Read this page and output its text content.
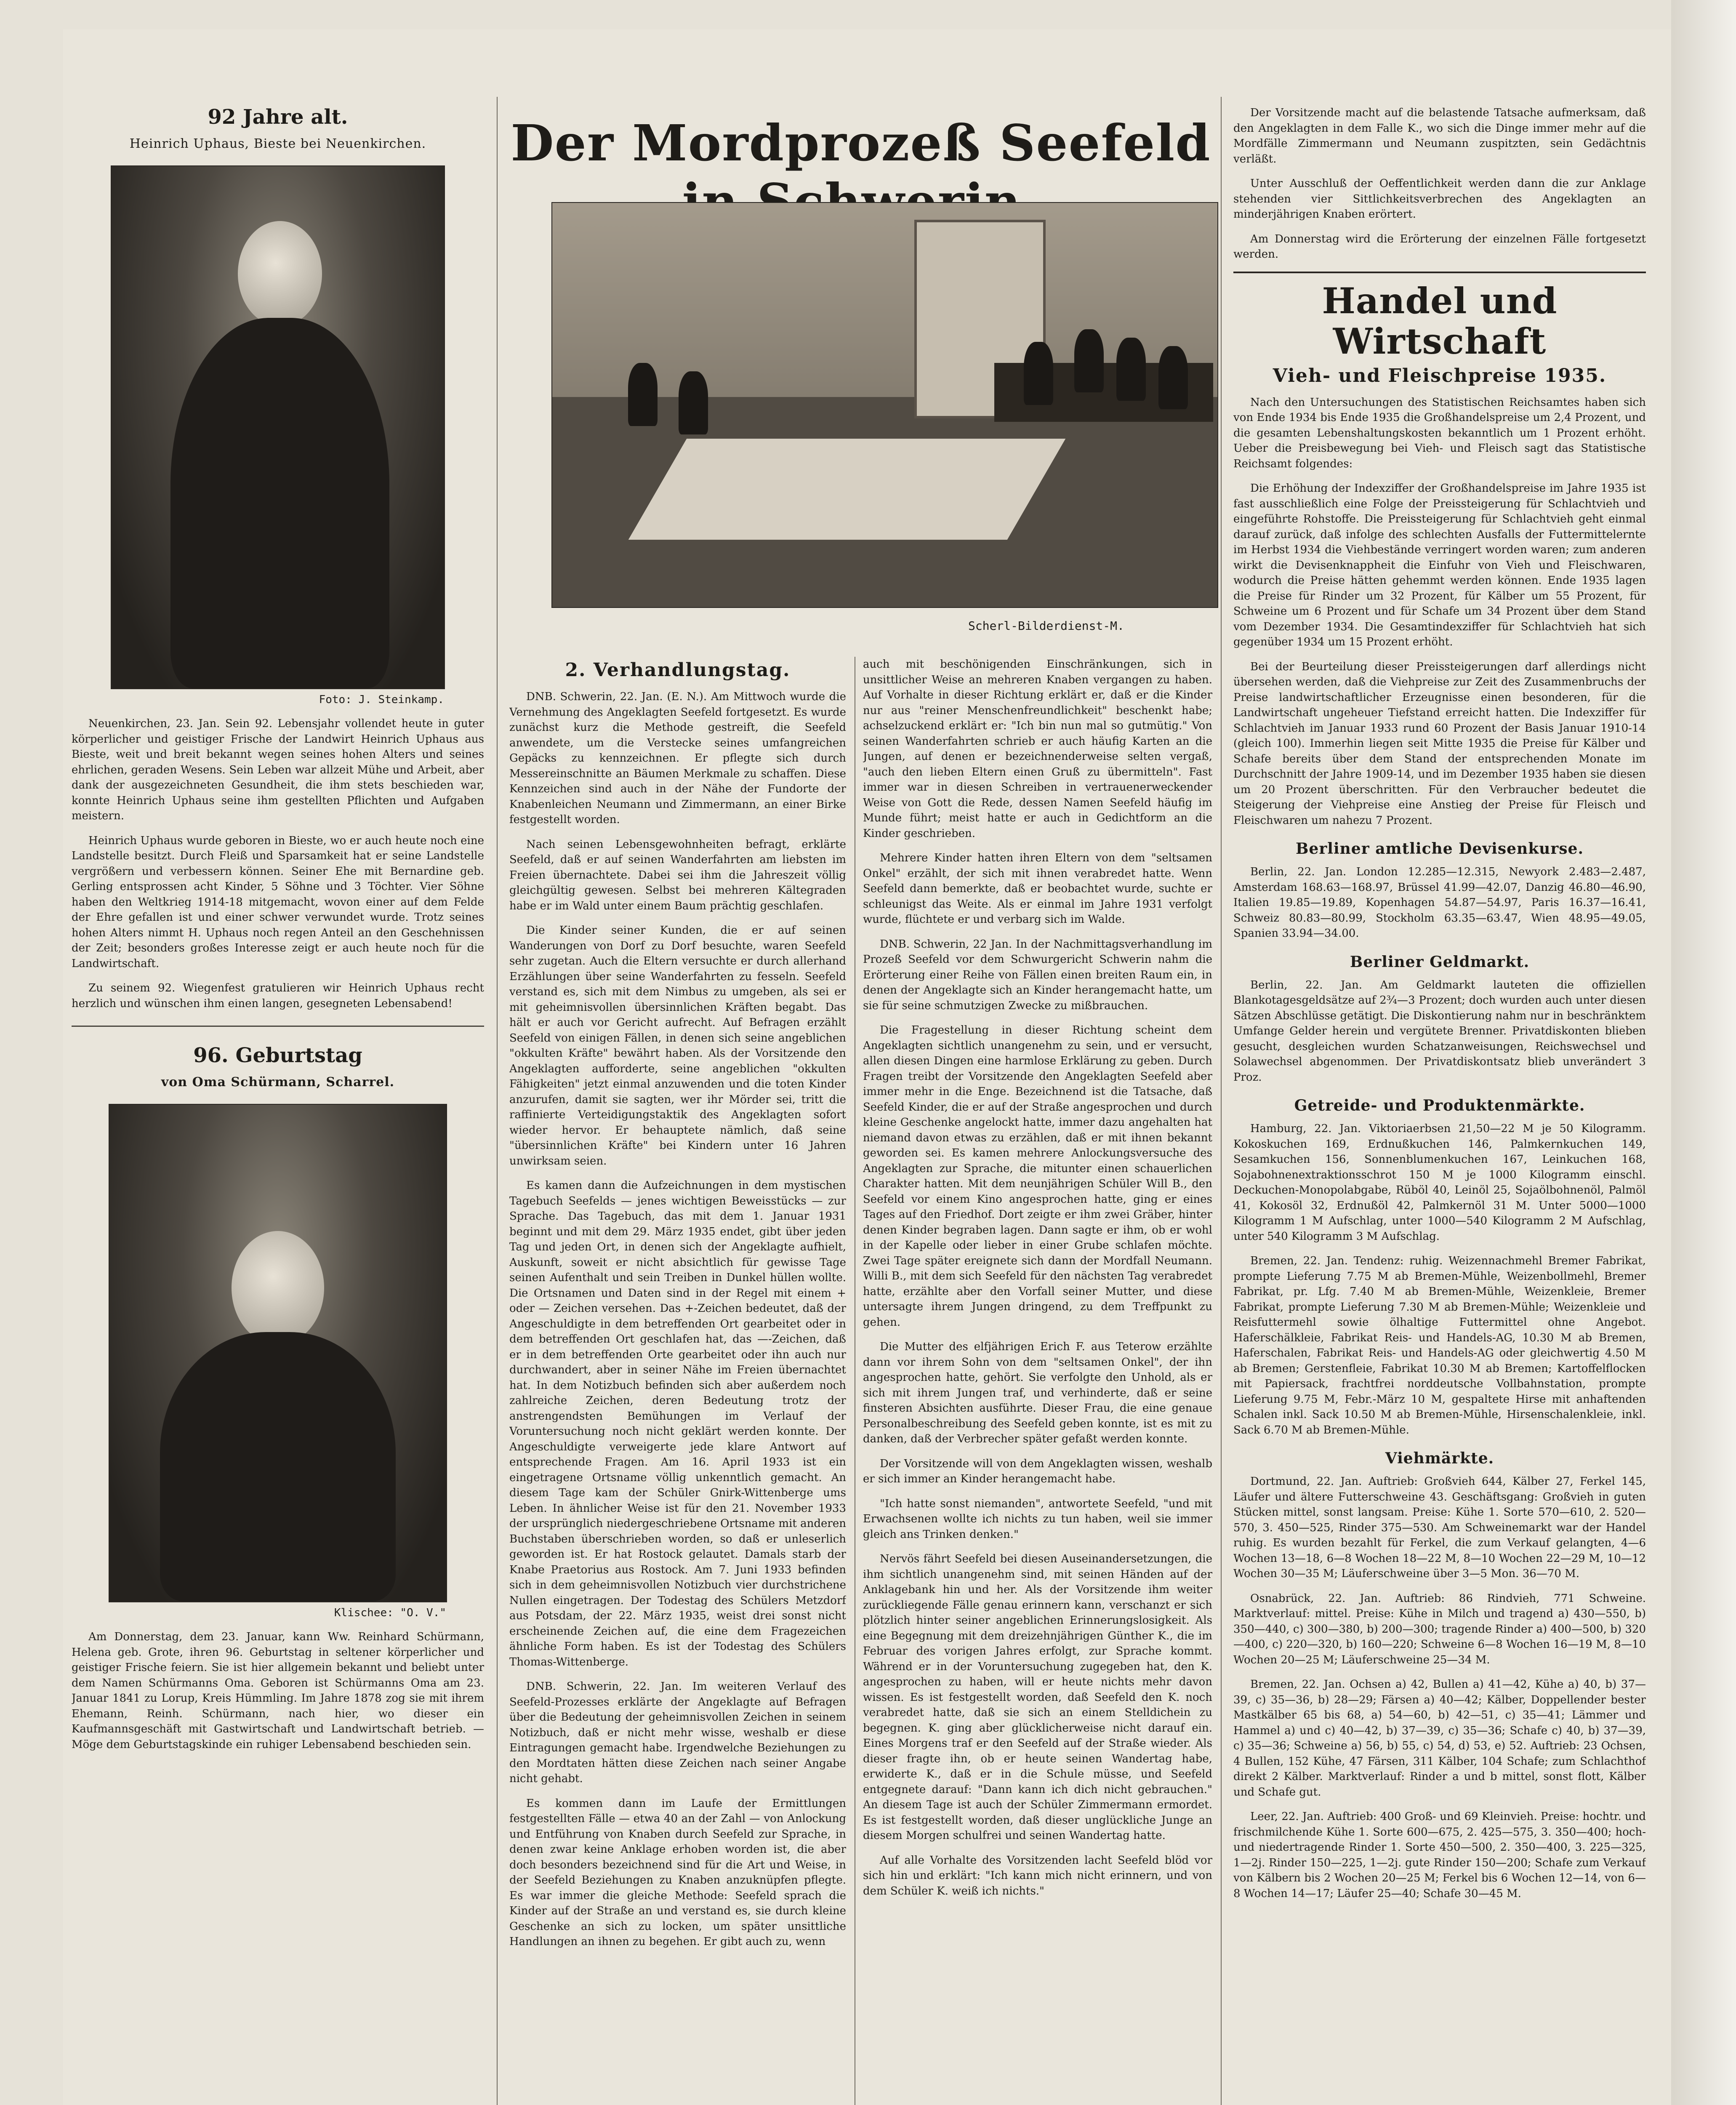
92 Jahre alt.
Heinrich Uphaus, Bieste bei Neuenkirchen.
Foto: J. Steinkamp.

Neuenkirchen, 23. Jan. Sein 92. Lebensjahr vollendet heute in guter körperlicher und geistiger Frische der Landwirt Heinrich Uphaus aus Bieste, weit und breit bekannt wegen seines hohen Alters und seines ehrlichen, geraden Wesens. Sein Leben war allzeit Mühe und Arbeit, aber dank der ausgezeichneten Gesundheit, die ihm stets beschieden war, konnte Heinrich Uphaus seine ihm gestellten Pflichten und Aufgaben meistern.

Heinrich Uphaus wurde geboren in Bieste, wo er auch heute noch eine Landstelle besitzt. Durch Fleiß und Sparsamkeit hat er seine Landstelle vergrößern und verbessern können. Seiner Ehe mit Bernardine geb. Gerling entsprossen acht Kinder, 5 Söhne und 3 Töchter. Vier Söhne haben den Weltkrieg 1914-18 mitgemacht, wovon einer auf dem Felde der Ehre gefallen ist und einer schwer verwundet wurde. Trotz seines hohen Alters nimmt H. Uphaus noch regen Anteil an den Geschehnissen der Zeit; besonders großes Interesse zeigt er auch heute noch für die Landwirtschaft.

Zu seinem 92. Wiegenfest gratulieren wir Heinrich Uphaus recht herzlich und wünschen ihm einen langen, gesegneten Lebensabend!

96. Geburtstag
von Oma Schürmann, Scharrel.
Klischee: "O. V."

Am Donnerstag, dem 23. Januar, kann Ww. Reinhard Schürmann, Helena geb. Grote, ihren 96. Geburtstag in seltener körperlicher und geistiger Frische feiern. Sie ist hier allgemein bekannt und beliebt unter dem Namen Schürmanns Oma. Geboren ist Schürmanns Oma am 23. Januar 1841 zu Lorup, Kreis Hümmling. Im Jahre 1878 zog sie mit ihrem Ehemann, Reinh. Schürmann, nach hier, wo dieser ein Kaufmannsgeschäft mit Gastwirtschaft und Landwirtschaft betrieb. — Möge dem Geburtstagskinde ein ruhiger Lebensabend beschieden sein.

Der Mordprozeß Seefeld
Scherl-Bilderdienst-M.
2. Verhandlungstag.

DNB. Schwerin, 22. Jan. (E. N.). Am Mittwoch wurde die Vernehmung des Angeklagten Seefeld fortgesetzt. Es wurde zunächst kurz die Methode gestreift, die Seefeld anwendete, um die Verstecke seines umfangreichen Gepäcks zu kennzeichnen. Er pflegte sich durch Messereinschnitte an Bäumen Merkmale zu schaffen. Diese Kennzeichen sind auch in der Nähe der Fundorte der Knabenleichen Neumann und Zimmermann, an einer Birke festgestellt worden.

Nach seinen Lebensgewohnheiten befragt, erklärte Seefeld, daß er auf seinen Wanderfahrten am liebsten im Freien übernachtete. Dabei sei ihm die Jahreszeit völlig gleichgültig gewesen. Selbst bei mehreren Kältegraden habe er im Wald unter einem Baum prächtig geschlafen.

Die Kinder seiner Kunden, die er auf seinen Wanderungen von Dorf zu Dorf besuchte, waren Seefeld sehr zugetan. Auch die Eltern versuchte er durch allerhand Erzählungen über seine Wanderfahrten zu fesseln. Seefeld verstand es, sich mit dem Nimbus zu umgeben, als sei er mit geheimnisvollen übersinnlichen Kräften begabt. Das hält er auch vor Gericht aufrecht. Auf Befragen erzählt Seefeld von einigen Fällen, in denen sich seine angeblichen "okkulten Kräfte" bewährt haben. Als der Vorsitzende den Angeklagten aufforderte, seine angeblichen "okkulten Fähigkeiten" jetzt einmal anzuwenden und die toten Kinder anzurufen, damit sie sagten, wer ihr Mörder sei, tritt die raffinierte Verteidigungstaktik des Angeklagten sofort wieder hervor. Er behauptete nämlich, daß seine "übersinnlichen Kräfte" bei Kindern unter 16 Jahren unwirksam seien.

Es kamen dann die Aufzeichnungen in dem mystischen Tagebuch Seefelds — jenes wichtigen Beweisstücks — zur Sprache. Das Tagebuch, das mit dem 1. Januar 1931 beginnt und mit dem 29. März 1935 endet, gibt über jeden Tag und jeden Ort, in denen sich der Angeklagte aufhielt, Auskunft, soweit er nicht absichtlich für gewisse Tage seinen Aufenthalt und sein Treiben in Dunkel hüllen wollte. Die Ortsnamen und Daten sind in der Regel mit einem + oder — Zeichen versehen. Das +-Zeichen bedeutet, daß der Angeschuldigte in dem betreffenden Ort gearbeitet oder in dem betreffenden Ort geschlafen hat, das —-Zeichen, daß er in dem betreffenden Orte gearbeitet oder ihn auch nur durchwandert, aber in seiner Nähe im Freien übernachtet hat. In dem Notizbuch befinden sich aber außerdem noch zahlreiche Zeichen, deren Bedeutung trotz der anstrengendsten Bemühungen im Verlauf der Voruntersuchung noch nicht geklärt werden konnte. Der Angeschuldigte verweigerte jede klare Antwort auf entsprechende Fragen. Am 16. April 1933 ist ein eingetragene Ortsname völlig unkenntlich gemacht. An diesem Tage kam der Schüler Gnirk-Wittenberge ums Leben. In ähnlicher Weise ist für den 21. November 1933 der ursprünglich niedergeschriebene Ortsname mit anderen Buchstaben überschrieben worden, so daß er unleserlich geworden ist. Er hat Rostock gelautet. Damals starb der Knabe Praetorius aus Rostock. Am 7. Juni 1933 befinden sich in dem geheimnisvollen Notizbuch vier durchstrichene Nullen eingetragen. Der Todestag des Schülers Metzdorf aus Potsdam, der 22. März 1935, weist drei sonst nicht erscheinende Zeichen auf, die eine dem Fragezeichen ähnliche Form haben. Es ist der Todestag des Schülers Thomas-Wittenberge.

DNB. Schwerin, 22. Jan. Im weiteren Verlauf des Seefeld-Prozesses erklärte der Angeklagte auf Befragen über die Bedeutung der geheimnisvollen Zeichen in seinem Notizbuch, daß er nicht mehr wisse, weshalb er diese Eintragungen gemacht habe. Irgendwelche Beziehungen zu den Mordtaten hätten diese Zeichen nach seiner Angabe nicht gehabt.

Es kommen dann im Laufe der Ermittlungen festgestellten Fälle — etwa 40 an der Zahl — von Anlockung und Entführung von Knaben durch Seefeld zur Sprache, in denen zwar keine Anklage erhoben worden ist, die aber doch besonders bezeichnend sind für die Art und Weise, in der Seefeld Beziehungen zu Knaben anzuknüpfen pflegte. Es war immer die gleiche Methode: Seefeld sprach die Kinder auf der Straße an und verstand es, sie durch kleine Geschenke an sich zu locken, um später unsittliche Handlungen an ihnen zu begehen. Er gibt auch zu, wenn

auch mit beschönigenden Einschränkungen, sich in unsittlicher Weise an mehreren Knaben vergangen zu haben. Auf Vorhalte in dieser Richtung erklärt er, daß er die Kinder nur aus "reiner Menschenfreundlichkeit" beschenkt habe; achselzuckend erklärt er: "Ich bin nun mal so gutmütig." Von seinen Wanderfahrten schrieb er auch häufig Karten an die Jungen, auf denen er bezeichnenderweise selten vergaß, "auch den lieben Eltern einen Gruß zu übermitteln". Fast immer war in diesen Schreiben in vertrauenerweckender Weise von Gott die Rede, dessen Namen Seefeld häufig im Munde führt; meist hatte er auch in Gedichtform an die Kinder geschrieben.

Mehrere Kinder hatten ihren Eltern von dem "seltsamen Onkel" erzählt, der sich mit ihnen verabredet hatte. Wenn Seefeld dann bemerkte, daß er beobachtet wurde, suchte er schleunigst das Weite. Als er einmal im Jahre 1931 verfolgt wurde, flüchtete er und verbarg sich im Walde.

DNB. Schwerin, 22 Jan. In der Nachmittagsverhandlung im Prozeß Seefeld vor dem Schwurgericht Schwerin nahm die Erörterung einer Reihe von Fällen einen breiten Raum ein, in denen der Angeklagte sich an Kinder herangemacht hatte, um sie für seine schmutzigen Zwecke zu mißbrauchen.

Die Fragestellung in dieser Richtung scheint dem Angeklagten sichtlich unangenehm zu sein, und er versucht, allen diesen Dingen eine harmlose Erklärung zu geben. Durch Fragen treibt der Vorsitzende den Angeklagten Seefeld aber immer mehr in die Enge. Bezeichnend ist die Tatsache, daß Seefeld Kinder, die er auf der Straße angesprochen und durch kleine Geschenke angelockt hatte, immer dazu angehalten hat niemand davon etwas zu erzählen, daß er mit ihnen bekannt geworden sei. Es kamen mehrere Anlockungsversuche des Angeklagten zur Sprache, die mitunter einen schauerlichen Charakter hatten. Mit dem neunjährigen Schüler Will B., den Seefeld vor einem Kino angesprochen hatte, ging er eines Tages auf den Friedhof. Dort zeigte er ihm zwei Gräber, hinter denen Kinder begraben lagen. Dann sagte er ihm, ob er wohl in der Kapelle oder lieber in einer Grube schlafen möchte. Zwei Tage später ereignete sich dann der Mordfall Neumann. Willi B., mit dem sich Seefeld für den nächsten Tag verabredet hatte, erzählte aber den Vorfall seiner Mutter, und diese untersagte ihrem Jungen dringend, zu dem Treffpunkt zu gehen.

Die Mutter des elfjährigen Erich F. aus Teterow erzählte dann vor ihrem Sohn von dem "seltsamen Onkel", der ihn angesprochen hatte, gehört. Sie verfolgte den Unhold, als er sich mit ihrem Jungen traf, und verhinderte, daß er seine finsteren Absichten ausführte. Dieser Frau, die eine genaue Personalbeschreibung des Seefeld geben konnte, ist es mit zu danken, daß der Verbrecher später gefaßt werden konnte.

Der Vorsitzende will von dem Angeklagten wissen, weshalb er sich immer an Kinder herangemacht habe.

"Ich hatte sonst niemanden", antwortete Seefeld, "und mit Erwachsenen wollte ich nichts zu tun haben, weil sie immer gleich ans Trinken denken."

Nervös fährt Seefeld bei diesen Auseinandersetzungen, die ihm sichtlich unangenehm sind, mit seinen Händen auf der Anklagebank hin und her. Als der Vorsitzende ihm weiter zurückliegende Fälle genau erinnern kann, verschanzt er sich plötzlich hinter seiner angeblichen Erinnerungslosigkeit. Als eine Begegnung mit dem dreizehnjährigen Günther K., die im Februar des vorigen Jahres erfolgt, zur Sprache kommt. Während er in der Voruntersuchung zugegeben hat, den K. angesprochen zu haben, will er heute nichts mehr davon wissen. Es ist festgestellt worden, daß Seefeld den K. noch verabredet hatte, daß sie sich an einem Stelldichein zu begegnen. K. ging aber glücklicherweise nicht darauf ein. Eines Morgens traf er den Seefeld auf der Straße wieder. Als dieser fragte ihn, ob er heute seinen Wandertag habe, erwiderte K., daß er in die Schule müsse, und Seefeld entgegnete darauf: "Dann kann ich dich nicht gebrauchen." An diesem Tage ist auch der Schüler Zimmermann ermordet. Es ist festgestellt worden, daß dieser unglückliche Junge an diesem Morgen schulfrei und seinen Wandertag hatte.

Auf alle Vorhalte des Vorsitzenden lacht Seefeld blöd vor sich hin und erklärt: "Ich kann mich nicht erinnern, und von dem Schüler K. weiß ich nichts."

Der Vorsitzende macht auf die belastende Tatsache aufmerksam, daß den Angeklagten in dem Falle K., wo sich die Dinge immer mehr auf die Mordfälle Zimmermann und Neumann zuspitzten, sein Gedächtnis verläßt.

Unter Ausschluß der Oeffentlichkeit werden dann die zur Anklage stehenden vier Sittlichkeitsverbrechen des Angeklagten an minderjährigen Knaben erörtert.

Am Donnerstag wird die Erörterung der einzelnen Fälle fortgesetzt werden.

Handel und Wirtschaft
Vieh- und Fleischpreise 1935.

Nach den Untersuchungen des Statistischen Reichsamtes haben sich von Ende 1934 bis Ende 1935 die Großhandelspreise um 2,4 Prozent, und die gesamten Lebenshaltungskosten bekanntlich um 1 Prozent erhöht. Ueber die Preisbewegung bei Vieh- und Fleisch sagt das Statistische Reichsamt folgendes:

Die Erhöhung der Indexziffer der Großhandelspreise im Jahre 1935 ist fast ausschließlich eine Folge der Preissteigerung für Schlachtvieh und eingeführte Rohstoffe. Die Preissteigerung für Schlachtvieh geht einmal darauf zurück, daß infolge des schlechten Ausfalls der Futtermittelernte im Herbst 1934 die Viehbestände verringert worden waren; zum anderen wirkt die Devisenknappheit die Einfuhr von Vieh und Fleischwaren, wodurch die Preise hätten gehemmt werden können. Ende 1935 lagen die Preise für Rinder um 32 Prozent, für Kälber um 55 Prozent, für Schweine um 6 Prozent und für Schafe um 34 Prozent über dem Stand vom Dezember 1934. Die Gesamtindexziffer für Schlachtvieh hat sich gegenüber 1934 um 15 Prozent erhöht.

Bei der Beurteilung dieser Preissteigerungen darf allerdings nicht übersehen werden, daß die Viehpreise zur Zeit des Zusammenbruchs der Preise landwirtschaftlicher Erzeugnisse einen besonderen, für die Landwirtschaft ungeheuer Tiefstand erreicht hatten. Die Indexziffer für Schlachtvieh im Januar 1933 rund 60 Prozent der Basis Januar 1910-14 (gleich 100). Immerhin liegen seit Mitte 1935 die Preise für Kälber und Schafe bereits über dem Stand der entsprechenden Monate im Durchschnitt der Jahre 1909-14, und im Dezember 1935 haben sie diesen um 20 Prozent überschritten. Für den Verbraucher bedeutet die Steigerung der Viehpreise eine Anstieg der Preise für Fleisch und Fleischwaren um nahezu 7 Prozent.

Berliner amtliche Devisenkurse.

Berlin, 22. Jan. London 12.285—12.315, Newyork 2.483—2.487, Amsterdam 168.63—168.97, Brüssel 41.99—42.07, Danzig 46.80—46.90, Italien 19.85—19.89, Kopenhagen 54.87—54.97, Paris 16.37—16.41, Schweiz 80.83—80.99, Stockholm 63.35—63.47, Wien 48.95—49.05, Spanien 33.94—34.00.

Berliner Geldmarkt.

Berlin, 22. Jan. Am Geldmarkt lauteten die offiziellen Blankotagesgeldsätze auf 2¾—3 Prozent; doch wurden auch unter diesen Sätzen Abschlüsse getätigt. Die Diskontierung nahm nur in beschränktem Umfange Gelder herein und vergütete Brenner. Privatdiskonten blieben gesucht, desgleichen wurden Schatzanweisungen, Reichswechsel und Solawechsel abgenommen. Der Privatdiskontsatz blieb unverändert 3 Proz.

Getreide- und Produktenmärkte.

Hamburg, 22. Jan. Viktoriaerbsen 21,50—22 M je 50 Kilogramm. Kokoskuchen 169, Erdnußkuchen 146, Palmkernkuchen 149, Sesamkuchen 156, Sonnenblumenkuchen 167, Leinkuchen 168, Sojabohnenextraktionsschrot 150 M je 1000 Kilogramm einschl. Deckuchen-Monopolabgabe, Rüböl 40, Leinöl 25, Sojaölbohnenöl, Palmöl 41, Kokosöl 32, Erdnußöl 42, Palmkernöl 31 M. Unter 5000—1000 Kilogramm 1 M Aufschlag, unter 1000—540 Kilogramm 2 M Aufschlag, unter 540 Kilogramm 3 M Aufschlag.

Bremen, 22. Jan. Tendenz: ruhig. Weizennachmehl Bremer Fabrikat, prompte Lieferung 7.75 M ab Bremen-Mühle, Weizenbollmehl, Bremer Fabrikat, pr. Lfg. 7.40 M ab Bremen-Mühle, Weizenkleie, Bremer Fabrikat, prompte Lieferung 7.30 M ab Bremen-Mühle; Weizenkleie und Reisfuttermehl sowie ölhaltige Futtermittel ohne Angebot. Haferschälkleie, Fabrikat Reis- und Handels-AG, 10.30 M ab Bremen, Haferschalen, Fabrikat Reis- und Handels-AG oder gleichwertig 4.50 M ab Bremen; Gerstenfleie, Fabrikat 10.30 M ab Bremen; Kartoffelflocken mit Papiersack, frachtfrei norddeutsche Vollbahnstation, prompte Lieferung 9.75 M, Febr.-März 10 M, gespaltete Hirse mit anhaftenden Schalen inkl. Sack 10.50 M ab Bremen-Mühle, Hirsenschalenkleie, inkl. Sack 6.70 M ab Bremen-Mühle.

Viehmärkte.

Dortmund, 22. Jan. Auftrieb: Großvieh 644, Kälber 27, Ferkel 145, Läufer und ältere Futterschweine 43. Geschäftsgang: Großvieh in guten Stücken mittel, sonst langsam. Preise: Kühe 1. Sorte 570—610, 2. 520—570, 3. 450—525, Rinder 375—530. Am Schweinemarkt war der Handel ruhig. Es wurden bezahlt für Ferkel, die zum Verkauf gelangten, 4—6 Wochen 13—18, 6—8 Wochen 18—22 M, 8—10 Wochen 22—29 M, 10—12 Wochen 30—35 M; Läuferschweine über 3—5 Mon. 36—70 M.

Osnabrück, 22. Jan. Auftrieb: 86 Rindvieh, 771 Schweine. Marktverlauf: mittel. Preise: Kühe in Milch und tragend a) 430—550, b) 350—440, c) 300—380, b) 200—300; tragende Rinder a) 400—500, b) 320—400, c) 220—320, b) 160—220; Schweine 6—8 Wochen 16—19 M, 8—10 Wochen 20—25 M; Läuferschweine 25—34 M.

Bremen, 22. Jan. Ochsen a) 42, Bullen a) 41—42, Kühe a) 40, b) 37—39, c) 35—36, b) 28—29; Färsen a) 40—42; Kälber, Doppellender bester Mastkälber 65 bis 68, a) 54—60, b) 42—51, c) 35—41; Lämmer und Hammel a) und c) 40—42, b) 37—39, c) 35—36; Schafe c) 40, b) 37—39, c) 35—36; Schweine a) 56, b) 55, c) 54, d) 53, e) 52. Auftrieb: 23 Ochsen, 4 Bullen, 152 Kühe, 47 Färsen, 311 Kälber, 104 Schafe; zum Schlachthof direkt 2 Kälber. Marktverlauf: Rinder a und b mittel, sonst flott, Kälber und Schafe gut.

Leer, 22. Jan. Auftrieb: 400 Groß- und 69 Kleinvieh. Preise: hochtr. und frischmilchende Kühe 1. Sorte 600—675, 2. 425—575, 3. 350—400; hoch- und niedertragende Rinder 1. Sorte 450—500, 2. 350—400, 3. 225—325, 1—2j. Rinder 150—225, 1—2j. gute Rinder 150—200; Schafe zum Verkauf von Kälbern bis 2 Wochen 20—25 M; Ferkel bis 6 Wochen 12—14, von 6—8 Wochen 14—17; Läufer 25—40; Schafe 30—45 M.
